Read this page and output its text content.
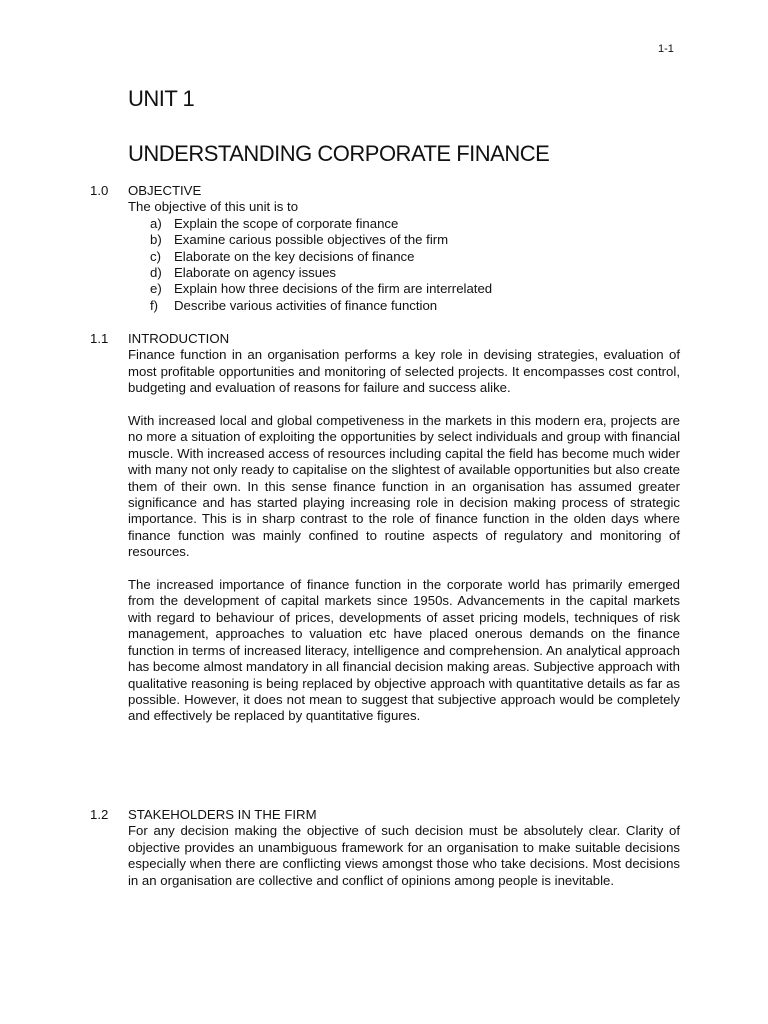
1-1
UNIT 1
UNDERSTANDING CORPORATE FINANCE
1.0 OBJECTIVE
The objective of this unit is to
a) Explain the scope of corporate finance
b) Examine carious possible objectives of the firm
c) Elaborate on the key decisions of finance
d) Elaborate on agency issues
e) Explain how three decisions of the firm are interrelated
f) Describe various activities of finance function
1.1 INTRODUCTION

Finance function in an organisation performs a key role in devising strategies, evaluation of most profitable opportunities and monitoring of selected projects. It encompasses cost control, budgeting and evaluation of reasons for failure and success alike.

With increased local and global competiveness in the markets in this modern era, projects are no more a situation of exploiting the opportunities by select individuals and group with financial muscle. With increased access of resources including capital the field has become much wider with many not only ready to capitalise on the slightest of available opportunities but also create them of their own. In this sense finance function in an organisation has assumed greater significance and has started playing increasing role in decision making process of strategic importance. This is in sharp contrast to the role of finance function in the olden days where finance function was mainly confined to routine aspects of regulatory and monitoring of resources.

The increased importance of finance function in the corporate world has primarily emerged from the development of capital markets since 1950s. Advancements in the capital markets with regard to behaviour of prices, developments of asset pricing models, techniques of risk management, approaches to valuation etc have placed onerous demands on the finance function in terms of increased literacy, intelligence and comprehension. An analytical approach has become almost mandatory in all financial decision making areas. Subjective approach with qualitative reasoning is being replaced by objective approach with quantitative details as far as possible. However, it does not mean to suggest that subjective approach would be completely and effectively be replaced by quantitative figures.

1.2 STAKEHOLDERS IN THE FIRM

For any decision making the objective of such decision must be absolutely clear. Clarity of objective provides an unambiguous framework for an organisation to make suitable decisions especially when there are conflicting views amongst those who take decisions. Most decisions in an organisation are collective and conflict of opinions among people is inevitable.
